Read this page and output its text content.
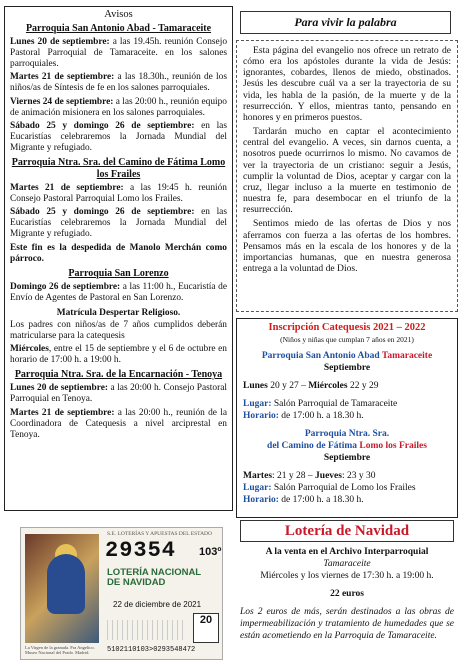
Avisos
Parroquia San Antonio Abad - Tamaraceite

Lunes 20 de septiembre: a las 19.45h. reunión Consejo Pastoral Parroquial de Tamaraceite. en los salones parroquiales.

Martes 21 de septiembre: a las 18.30h., reunión de los niños/as de Síntesis de fe en los salones parroquiales.

Viernes 24 de septiembre: a las 20:00 h., reunión equipo de animación misionera en los salones parroquiales.

Sábado 25 y domingo 26 de septiembre: en las Eucaristías celebraremos la Jornada Mundial del Migrante y refugiado.

Parroquia Ntra. Sra. del Camino de Fátima Lomo los Frailes

Martes 21 de septiembre: a las 19:45 h. reunión Consejo Pastoral Parroquial Lomo los Frailes.

Sábado 25 y domingo 26 de septiembre: en las Eucaristías celebraremos la Jornada Mundial del Migrante y refugiado.

Este fin es la despedida de Manolo Merchán como párroco.

Parroquia San Lorenzo

Domingo 26 de septiembre: a las 11:00 h., Eucaristía de Envío de Agentes de Pastoral en San Lorenzo.

Matrícula Despertar Religioso.

Los padres con niños/as de 7 años cumplidos deberán matricularse para la catequesis

Miércoles, entre el 15 de septiembre y el 6 de octubre en horario de 17:00 h. a 19:00 h.

Parroquia Ntra. Sra. de la Encarnación - Tenoya

Lunes 20 de septiembre: a las 20:00 h. Consejo Pastoral Parroquial en Tenoya.

Martes 21 de septiembre: a las 20:00 h., reunión de la Coordinadora de Catequesis a nivel arciprestal en Tenoya.

Para vivir la palabra

Esta página del evangelio nos ofrece un retrato de cómo era los apóstoles durante la vida de Jesús: ignorantes, cobardes, llenos de miedo, obstinados. Jesús les descubre cuál va a ser la trayectoria de su vida, les habla de la pasión, de la muerte y de la resurrección. Y ellos, mientras tanto, pensando en honores y en primeros puestos.

Tardarán mucho en captar el acontecimiento central del evangelio. A veces, sin darnos cuenta, a nosotros puede ocurrirnos lo mismo. No cavamos de ver la trayectoria de un cristiano: seguir a Jesús, cumplir la voluntad de Dios, aceptar y cargar con la cruz, llegar incluso a la muerte en testimonio de nuestra fe, para desembocar en el triunfo de la resurrección.

Sentimos miedo de las ofertas de Dios y nos aferramos con fuerza a las ofertas de los hombres. Pensamos más en la escala de los honores y de la importancias humanas, que en nuestra generosa entrega a la voluntad de Dios.

Inscripción Catequesis 2021 – 2022
(Niños y niñas que cumplan 7 años en 2021)
Parroquia San Antonio Abad Tamaraceite
Septiembre

Lunes 20 y 27 – Miércoles 22 y 29

Lugar: Salón Parroquial de Tamaraceite

Horario: de 17:00 h. a 18.30 h.

Parroquia Ntra. Sra.
del Camino de Fátima Lomo los Frailes
Septiembre

Martes: 21 y 28 – Jueves: 23 y 30

Lugar: Salón Parroquial de Lomo los Frailes

Horario: de 17:00 h. a 18.30 h.

S.E. LOTERÍAS Y APUESTAS DEL ESTADO
29354 103º
LOTERÍA NACIONAL
DE NAVIDAD
22 de diciembre de 2021
20
La Virgen de la granada. Fra Angelico. Museo Nacional del Prado. Madrid.	5102110103>0293548472
Lotería de Navidad

A la venta en el Archivo Interparroquial

Tamaraceite

Miércoles y los viernes de 17:30 h. a 19:00 h.

22 euros

Los 2 euros de más, serán destinados a las obras de impermeabilización y tratamiento de humedades que se están acometiendo en la Parroquia de Tamaraceite.
